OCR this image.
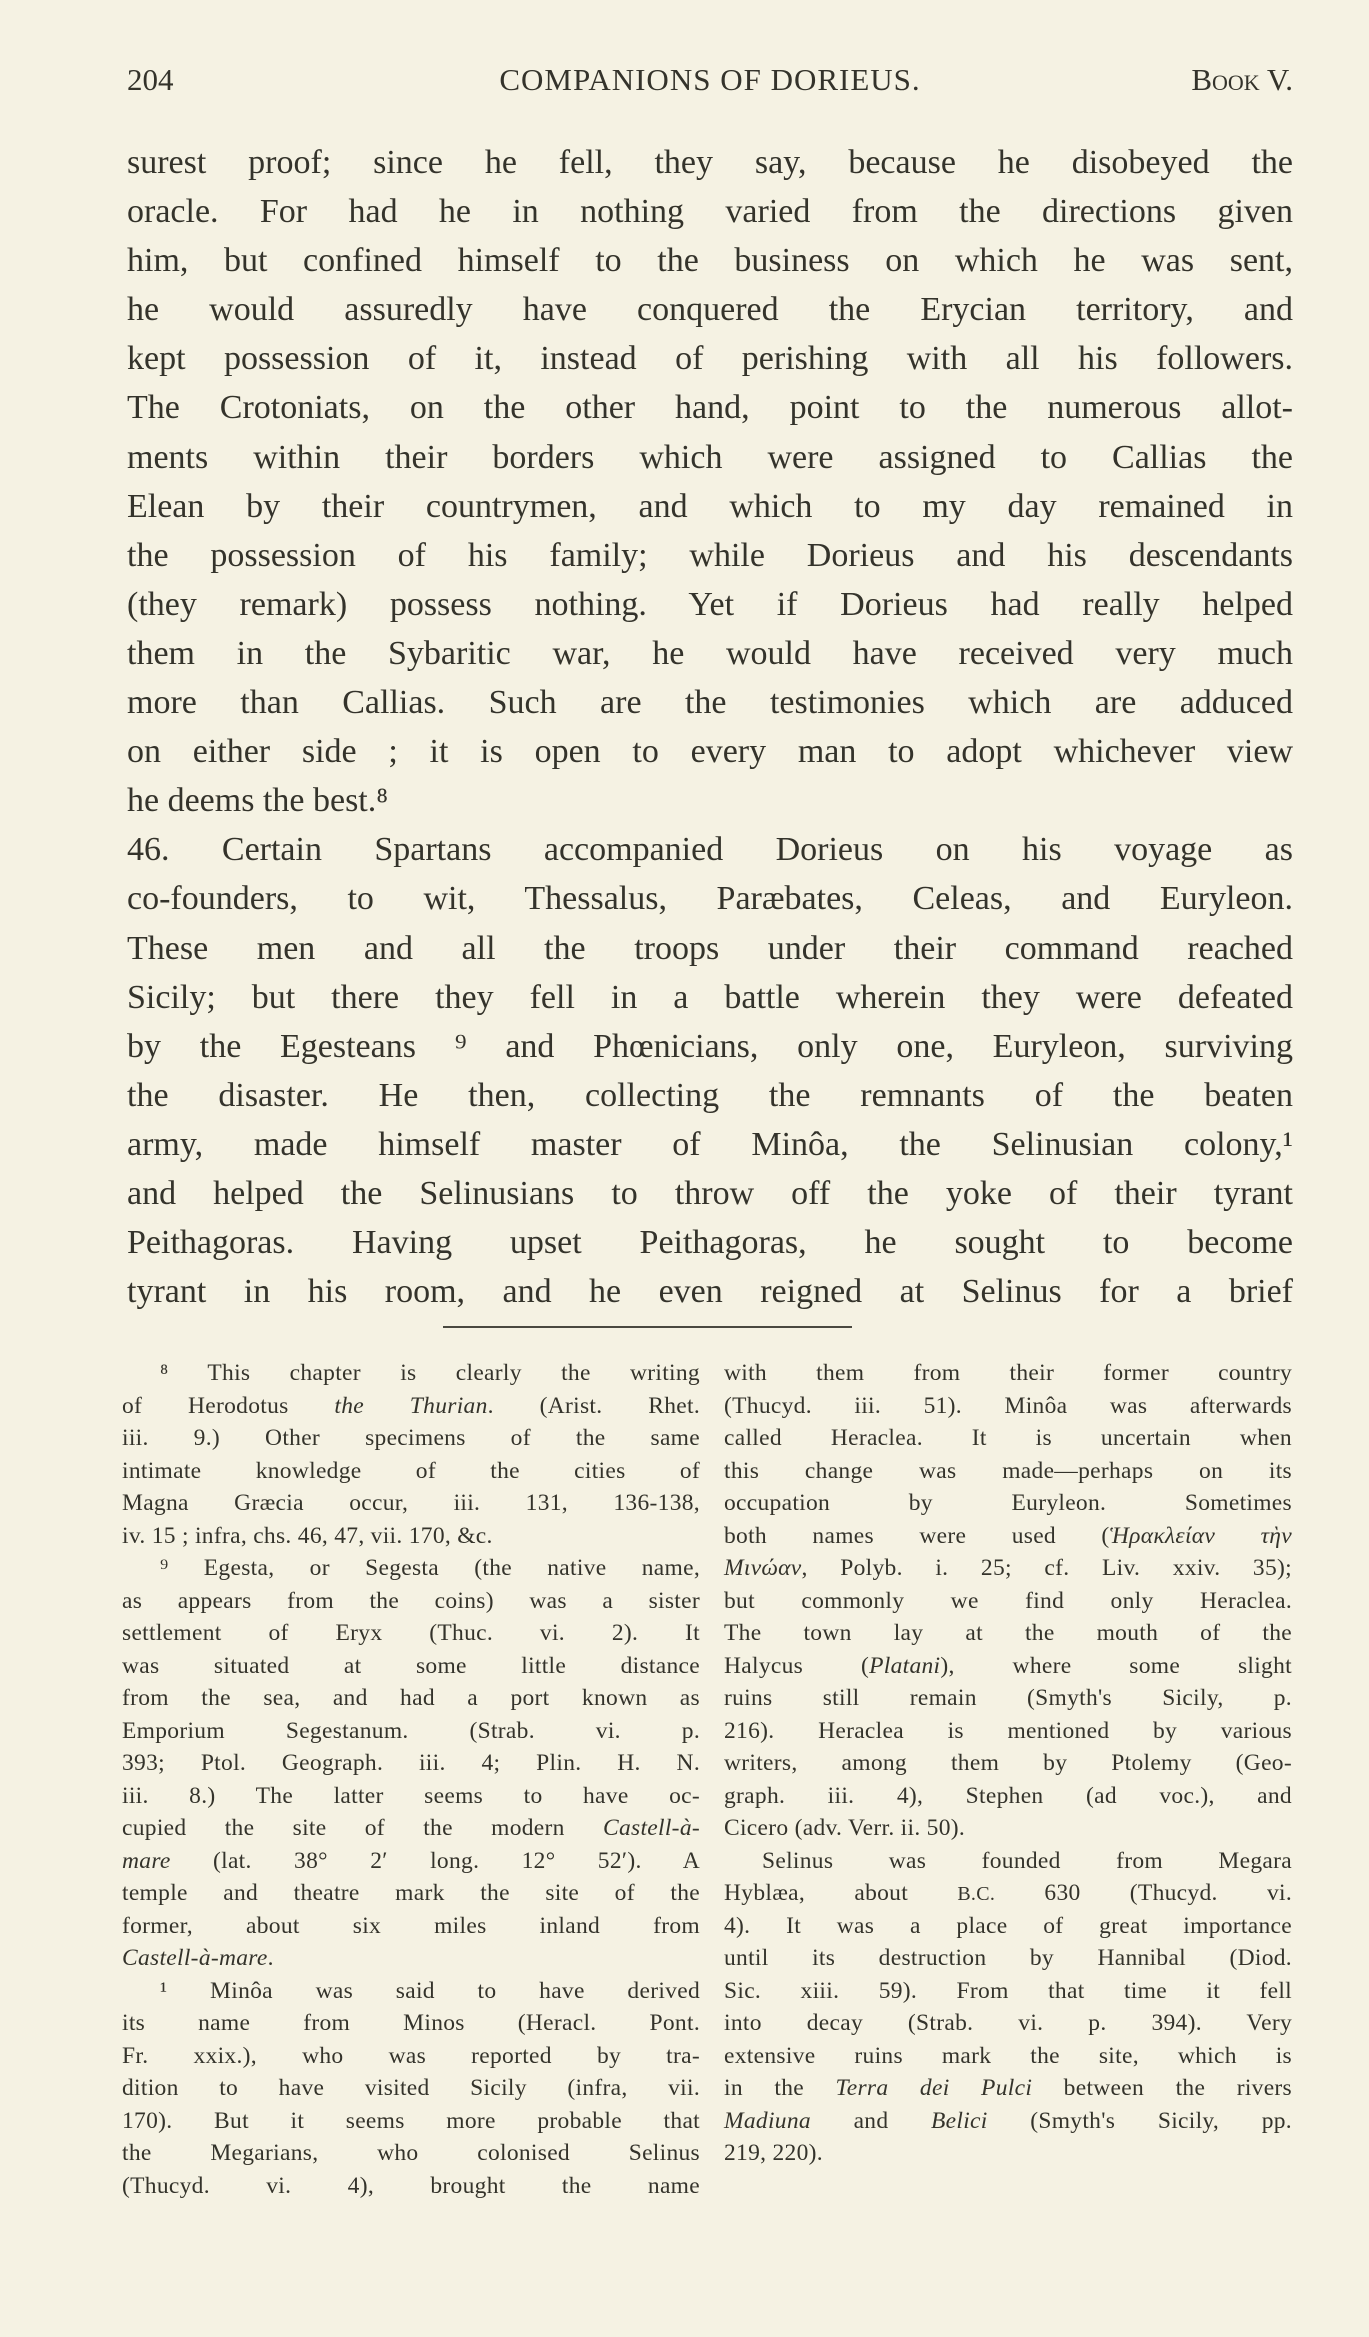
204	COMPANIONS OF DORIEUS.	Book V.
surest proof; since he fell, they say, because he disobeyed the
oracle. For had he in nothing varied from the directions given
him, but confined himself to the business on which he was sent,
he would assuredly have conquered the Erycian territory, and
kept possession of it, instead of perishing with all his followers.
The Crotoniats, on the other hand, point to the numerous allot-
ments within their borders which were assigned to Callias the
Elean by their countrymen, and which to my day remained in
the possession of his family; while Dorieus and his descendants
(they remark) possess nothing. Yet if Dorieus had really helped
them in the Sybaritic war, he would have received very much
more than Callias. Such are the testimonies which are adduced
on either side ; it is open to every man to adopt whichever view
he deems the best.⁸
46. Certain Spartans accompanied Dorieus on his voyage as
co-founders, to wit, Thessalus, Paræbates, Celeas, and Euryleon.
These men and all the troops under their command reached
Sicily; but there they fell in a battle wherein they were defeated
by the Egesteans ⁹ and Phœnicians, only one, Euryleon, surviving
the disaster. He then, collecting the remnants of the beaten
army, made himself master of Minôa, the Selinusian colony,¹
and helped the Selinusians to throw off the yoke of their tyrant
Peithagoras. Having upset Peithagoras, he sought to become
tyrant in his room, and he even reigned at Selinus for a brief
⁸ This chapter is clearly the writing
of Herodotus the Thurian. (Arist. Rhet.
iii. 9.) Other specimens of the same
intimate knowledge of the cities of
Magna Græcia occur, iii. 131, 136-138,
iv. 15 ; infra, chs. 46, 47, vii. 170, &c.
⁹ Egesta, or Segesta (the native name,
as appears from the coins) was a sister
settlement of Eryx (Thuc. vi. 2). It
was situated at some little distance
from the sea, and had a port known as
Emporium Segestanum. (Strab. vi. p.
393; Ptol. Geograph. iii. 4; Plin. H. N.
iii. 8.) The latter seems to have oc-
cupied the site of the modern Castell-à-
mare (lat. 38° 2′ long. 12° 52′). A
temple and theatre mark the site of the
former, about six miles inland from
Castell-à-mare.
¹ Minôa was said to have derived
its name from Minos (Heracl. Pont.
Fr. xxix.), who was reported by tra-
dition to have visited Sicily (infra, vii.
170). But it seems more probable that
the Megarians, who colonised Selinus
(Thucyd. vi. 4), brought the name
with them from their former country
(Thucyd. iii. 51). Minôa was afterwards
called Heraclea. It is uncertain when
this change was made—perhaps on its
occupation by Euryleon. Sometimes
both names were used (Ἡρακλείαν τὴν
Μινώαν, Polyb. i. 25; cf. Liv. xxiv. 35);
but commonly we find only Heraclea.
The town lay at the mouth of the
Halycus (Platani), where some slight
ruins still remain (Smyth's Sicily, p.
216). Heraclea is mentioned by various
writers, among them by Ptolemy (Geo-
graph. iii. 4), Stephen (ad voc.), and
Cicero (adv. Verr. ii. 50).
Selinus was founded from Megara
Hyblæa, about B.C. 630 (Thucyd. vi.
4). It was a place of great importance
until its destruction by Hannibal (Diod.
Sic. xiii. 59). From that time it fell
into decay (Strab. vi. p. 394). Very
extensive ruins mark the site, which is
in the Terra dei Pulci between the rivers
Madiuna and Belici (Smyth's Sicily, pp.
219, 220).
